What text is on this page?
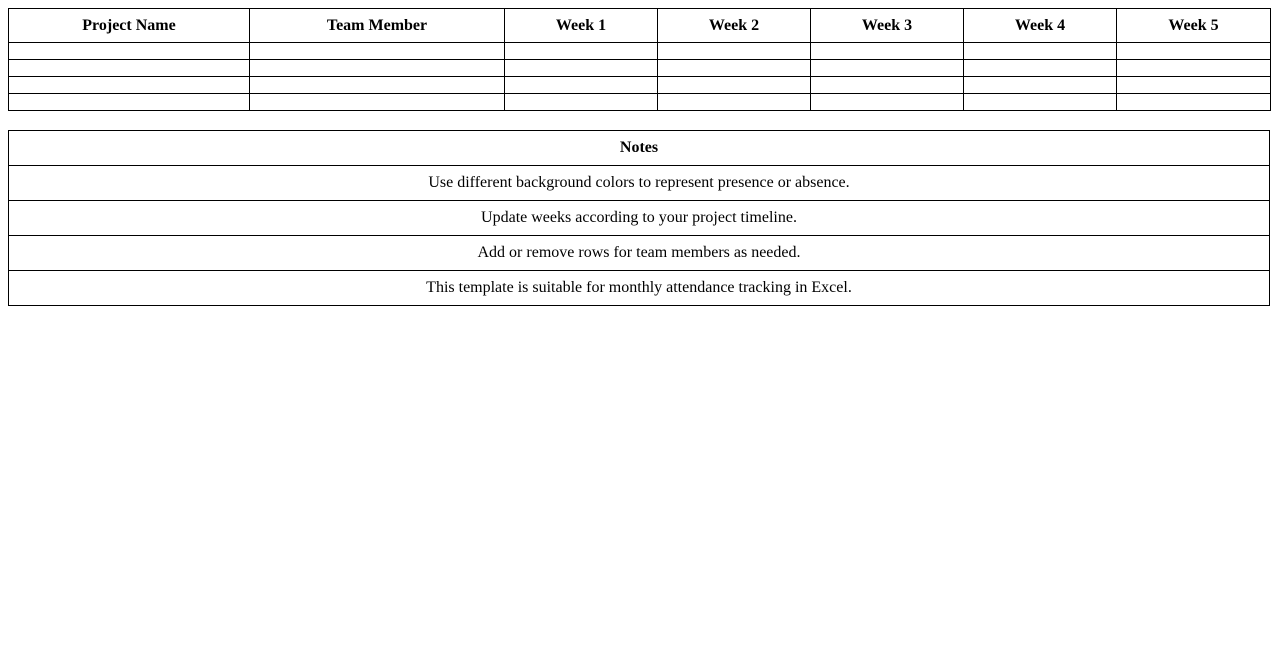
Project Name	Team Member	Week 1	Week 2	Week 3	Week 4	Week 5

Notes
Use different background colors to represent presence or absence.
Update weeks according to your project timeline.
Add or remove rows for team members as needed.
This template is suitable for monthly attendance tracking in Excel.
